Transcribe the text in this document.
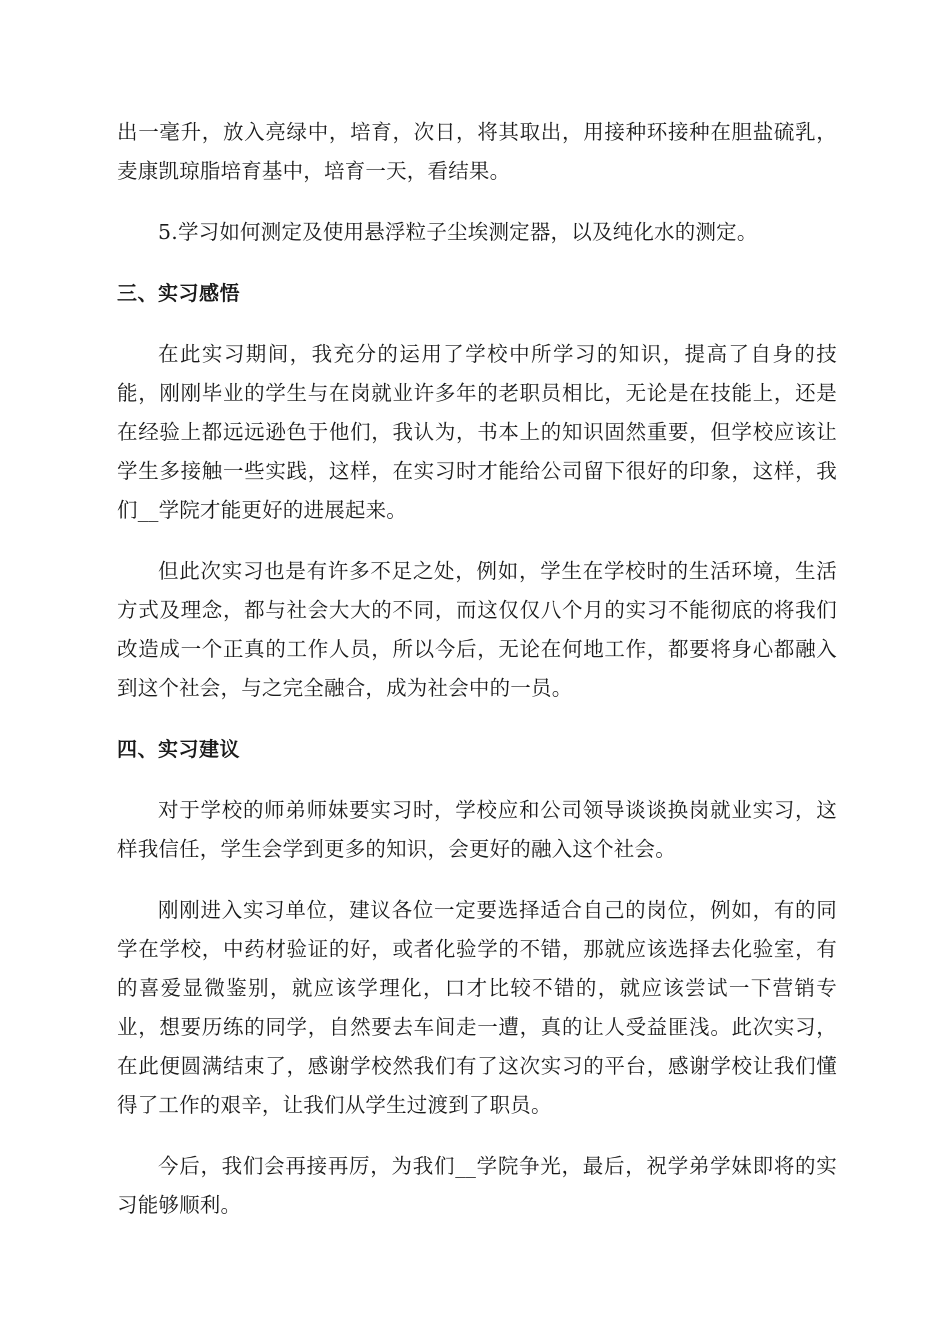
出一毫升，放入亮绿中，培育，次日，将其取出，用接种环接种在胆盐硫乳，麦康凯琼脂培育基中，培育一天，看结果。

5.学习如何测定及使用悬浮粒子尘埃测定器，以及纯化水的测定。

三、实习感悟

在此实习期间，我充分的运用了学校中所学习的知识，提高了自身的技能，刚刚毕业的学生与在岗就业许多年的老职员相比，无论是在技能上，还是在经验上都远远逊色于他们，我认为，书本上的知识固然重要，但学校应该让学生多接触一些实践，这样，在实习时才能给公司留下很好的印象，这样，我们__学院才能更好的进展起来。

但此次实习也是有许多不足之处，例如，学生在学校时的生活环境，生活方式及理念，都与社会大大的不同，而这仅仅八个月的实习不能彻底的将我们改造成一个正真的工作人员，所以今后，无论在何地工作，都要将身心都融入到这个社会，与之完全融合，成为社会中的一员。

四、实习建议

对于学校的师弟师妹要实习时，学校应和公司领导谈谈换岗就业实习，这样我信任，学生会学到更多的知识，会更好的融入这个社会。

刚刚进入实习单位，建议各位一定要选择适合自己的岗位，例如，有的同学在学校，中药材验证的好，或者化验学的不错，那就应该选择去化验室，有的喜爱显微鉴别，就应该学理化，口才比较不错的，就应该尝试一下营销专业，想要历练的同学，自然要去车间走一遭，真的让人受益匪浅。此次实习，在此便圆满结束了，感谢学校然我们有了这次实习的平台，感谢学校让我们懂得了工作的艰辛，让我们从学生过渡到了职员。

今后，我们会再接再厉，为我们__学院争光，最后，祝学弟学妹即将的实习能够顺利。
